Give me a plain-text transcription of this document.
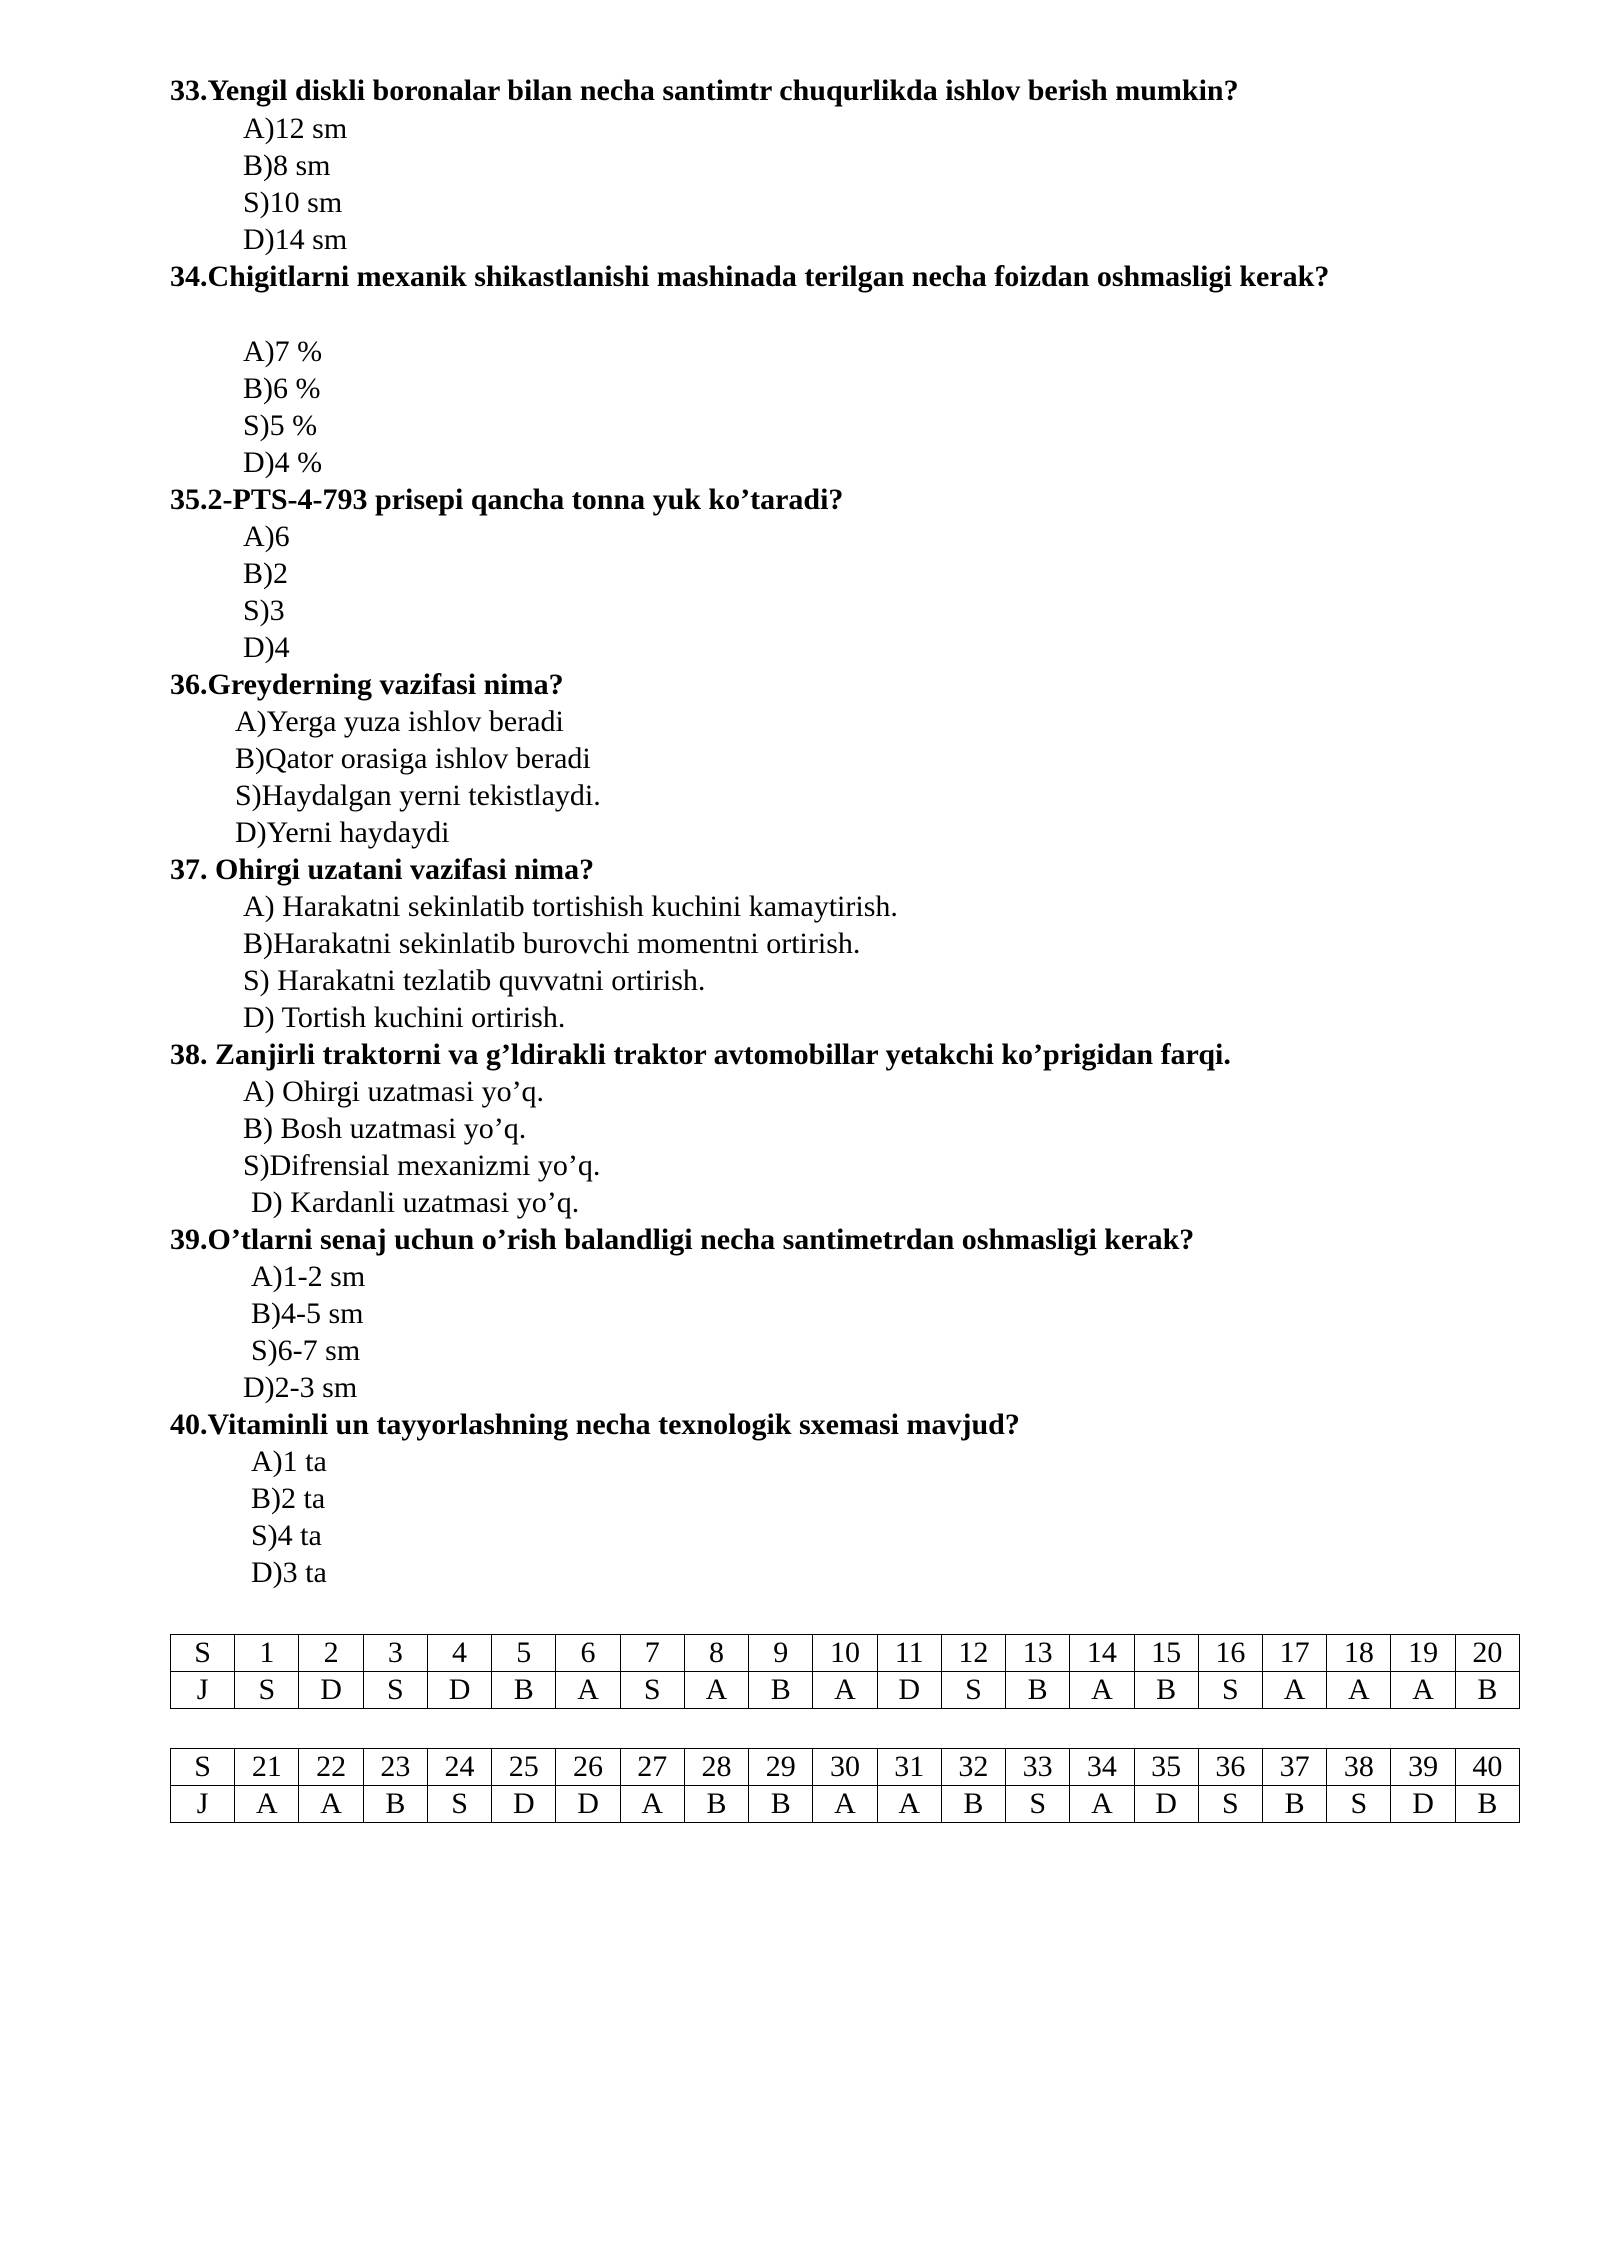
33.Yengil diskli boronalar bilan necha santimtr chuqurlikda ishlov berish mumkin?
A)12 sm
B)8 sm
S)10 sm
D)14 sm
34.Chigitlarni mexanik shikastlanishi mashinada terilgan necha foizdan oshmasligi kerak?
A)7 %
B)6 %
S)5 %
D)4 %
35.2-PTS-4-793 prisepi qancha tonna yuk ko’taradi?
A)6
B)2
S)3
D)4
36.Greyderning vazifasi nima?
A)Yerga yuza ishlov beradi
B)Qator orasiga ishlov beradi
S)Haydalgan yerni tekistlaydi.
D)Yerni haydaydi
37. Ohirgi uzatani vazifasi nima?
A) Harakatni sekinlatib tortishish kuchini kamaytirish.
B)Harakatni sekinlatib burovchi momentni ortirish.
S) Harakatni tezlatib quvvatni ortirish.
D) Tortish kuchini ortirish.
38. Zanjirli traktorni va g’ldirakli traktor avtomobillar yetakchi ko’prigidan farqi.
A) Ohirgi uzatmasi yo’q.
B) Bosh uzatmasi yo’q.
S)Difrensial mexanizmi yo’q.
D) Kardanli uzatmasi yo’q.
39.O’tlarni senaj uchun o’rish balandligi necha santimetrdan oshmasligi kerak?
A)1-2 sm
B)4-5 sm
S)6-7 sm
D)2-3 sm
40.Vitaminli un tayyorlashning necha texnologik sxemasi mavjud?
A)1 ta
B)2 ta
S)4 ta
D)3 ta
S	1	2	3	4	5	6	7	8	9	10	11	12	13	14	15	16	17	18	19	20
J	S	D	S	D	B	A	S	A	B	A	D	S	B	A	B	S	A	A	A	B
S	21	22	23	24	25	26	27	28	29	30	31	32	33	34	35	36	37	38	39	40
J	A	A	B	S	D	D	A	B	B	A	A	B	S	A	D	S	B	S	D	B
